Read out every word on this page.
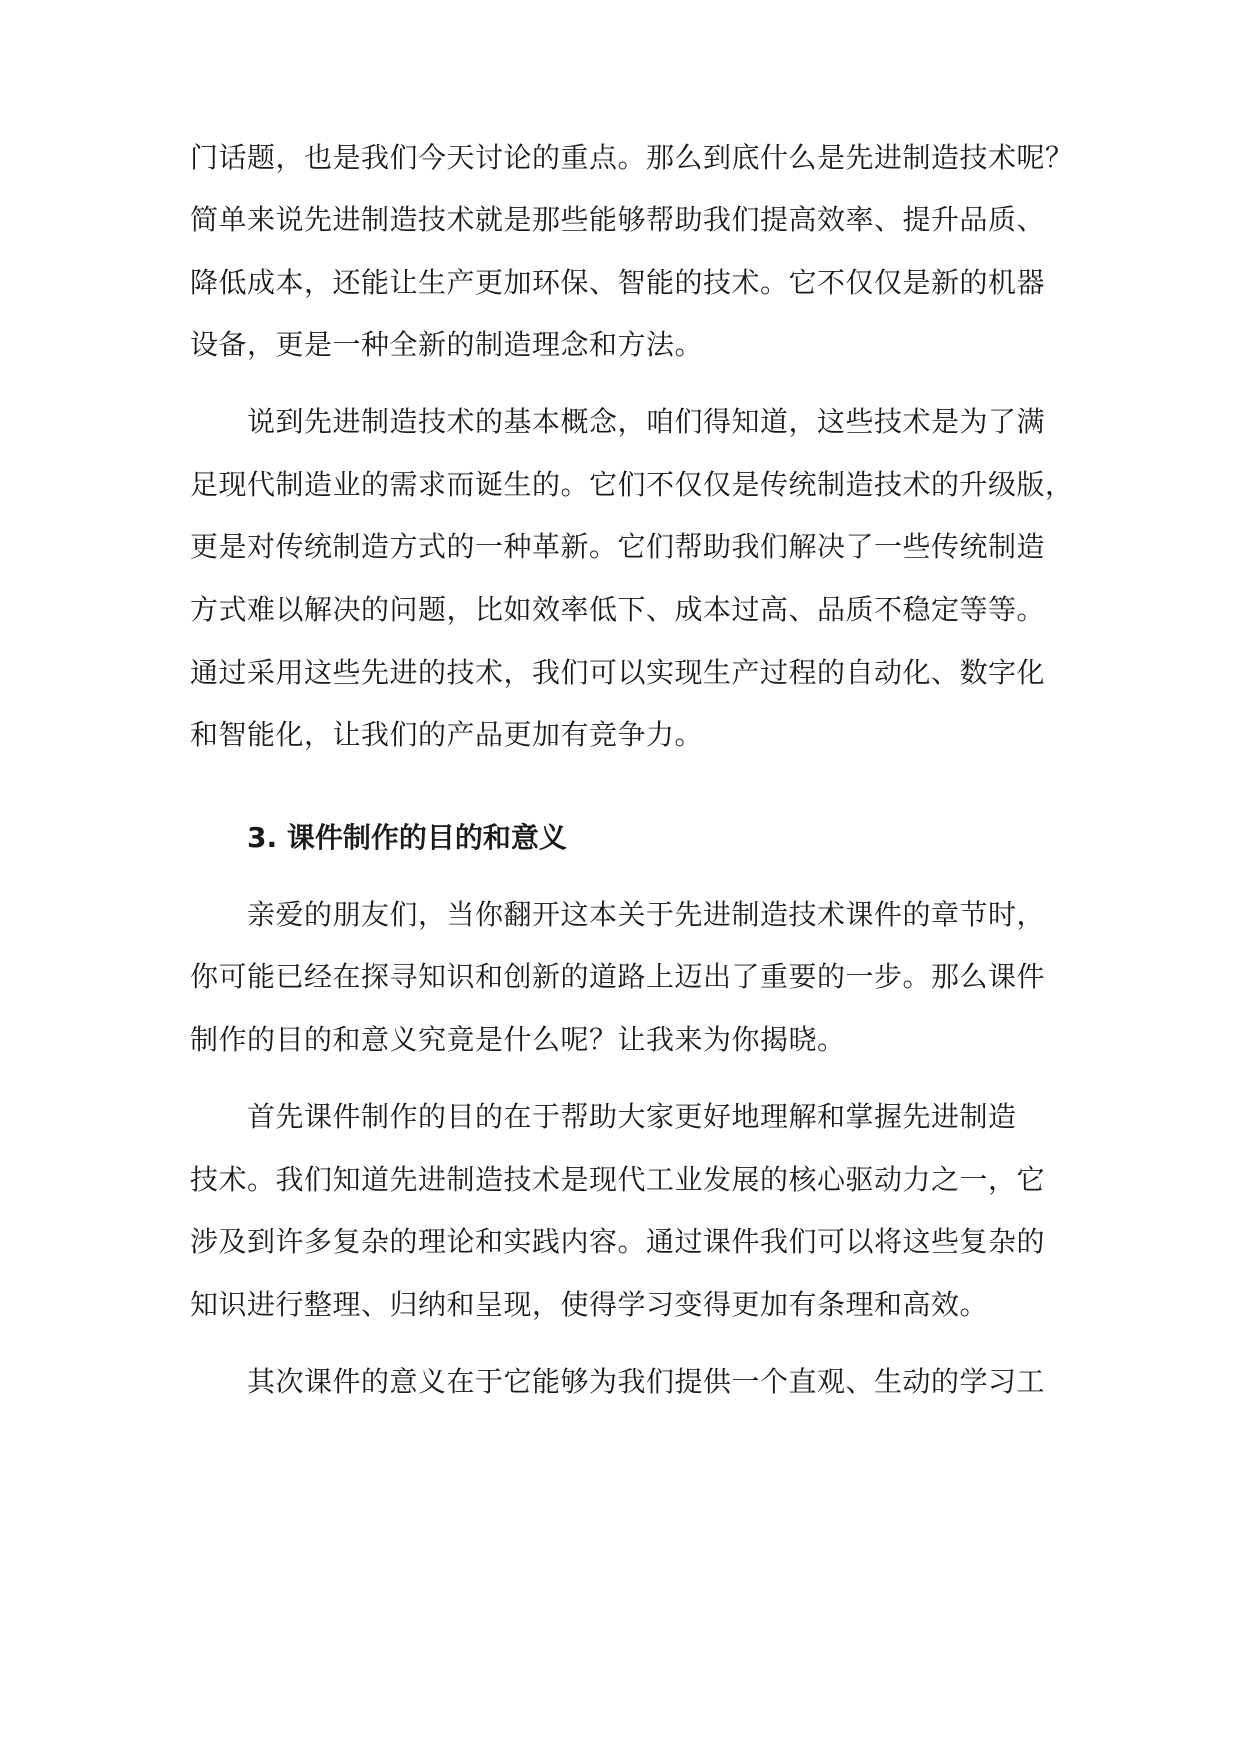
门话题，也是我们今天讨论的重点。那么到底什么是先进制造技术呢？
简单来说先进制造技术就是那些能够帮助我们提高效率、提升品质、
降低成本，还能让生产更加环保、智能的技术。它不仅仅是新的机器
设备，更是一种全新的制造理念和方法。
说到先进制造技术的基本概念，咱们得知道，这些技术是为了满
足现代制造业的需求而诞生的。它们不仅仅是传统制造技术的升级版，
更是对传统制造方式的一种革新。它们帮助我们解决了一些传统制造
方式难以解决的问题，比如效率低下、成本过高、品质不稳定等等。
通过采用这些先进的技术，我们可以实现生产过程的自动化、数字化
和智能化，让我们的产品更加有竞争力。
3. 课件制作的目的和意义
亲爱的朋友们，当你翻开这本关于先进制造技术课件的章节时，
你可能已经在探寻知识和创新的道路上迈出了重要的一步。那么课件
制作的目的和意义究竟是什么呢？让我来为你揭晓。
首先课件制作的目的在于帮助大家更好地理解和掌握先进制造
技术。我们知道先进制造技术是现代工业发展的核心驱动力之一，它
涉及到许多复杂的理论和实践内容。通过课件我们可以将这些复杂的
知识进行整理、归纳和呈现，使得学习变得更加有条理和高效。
其次课件的意义在于它能够为我们提供一个直观、生动的学习工
